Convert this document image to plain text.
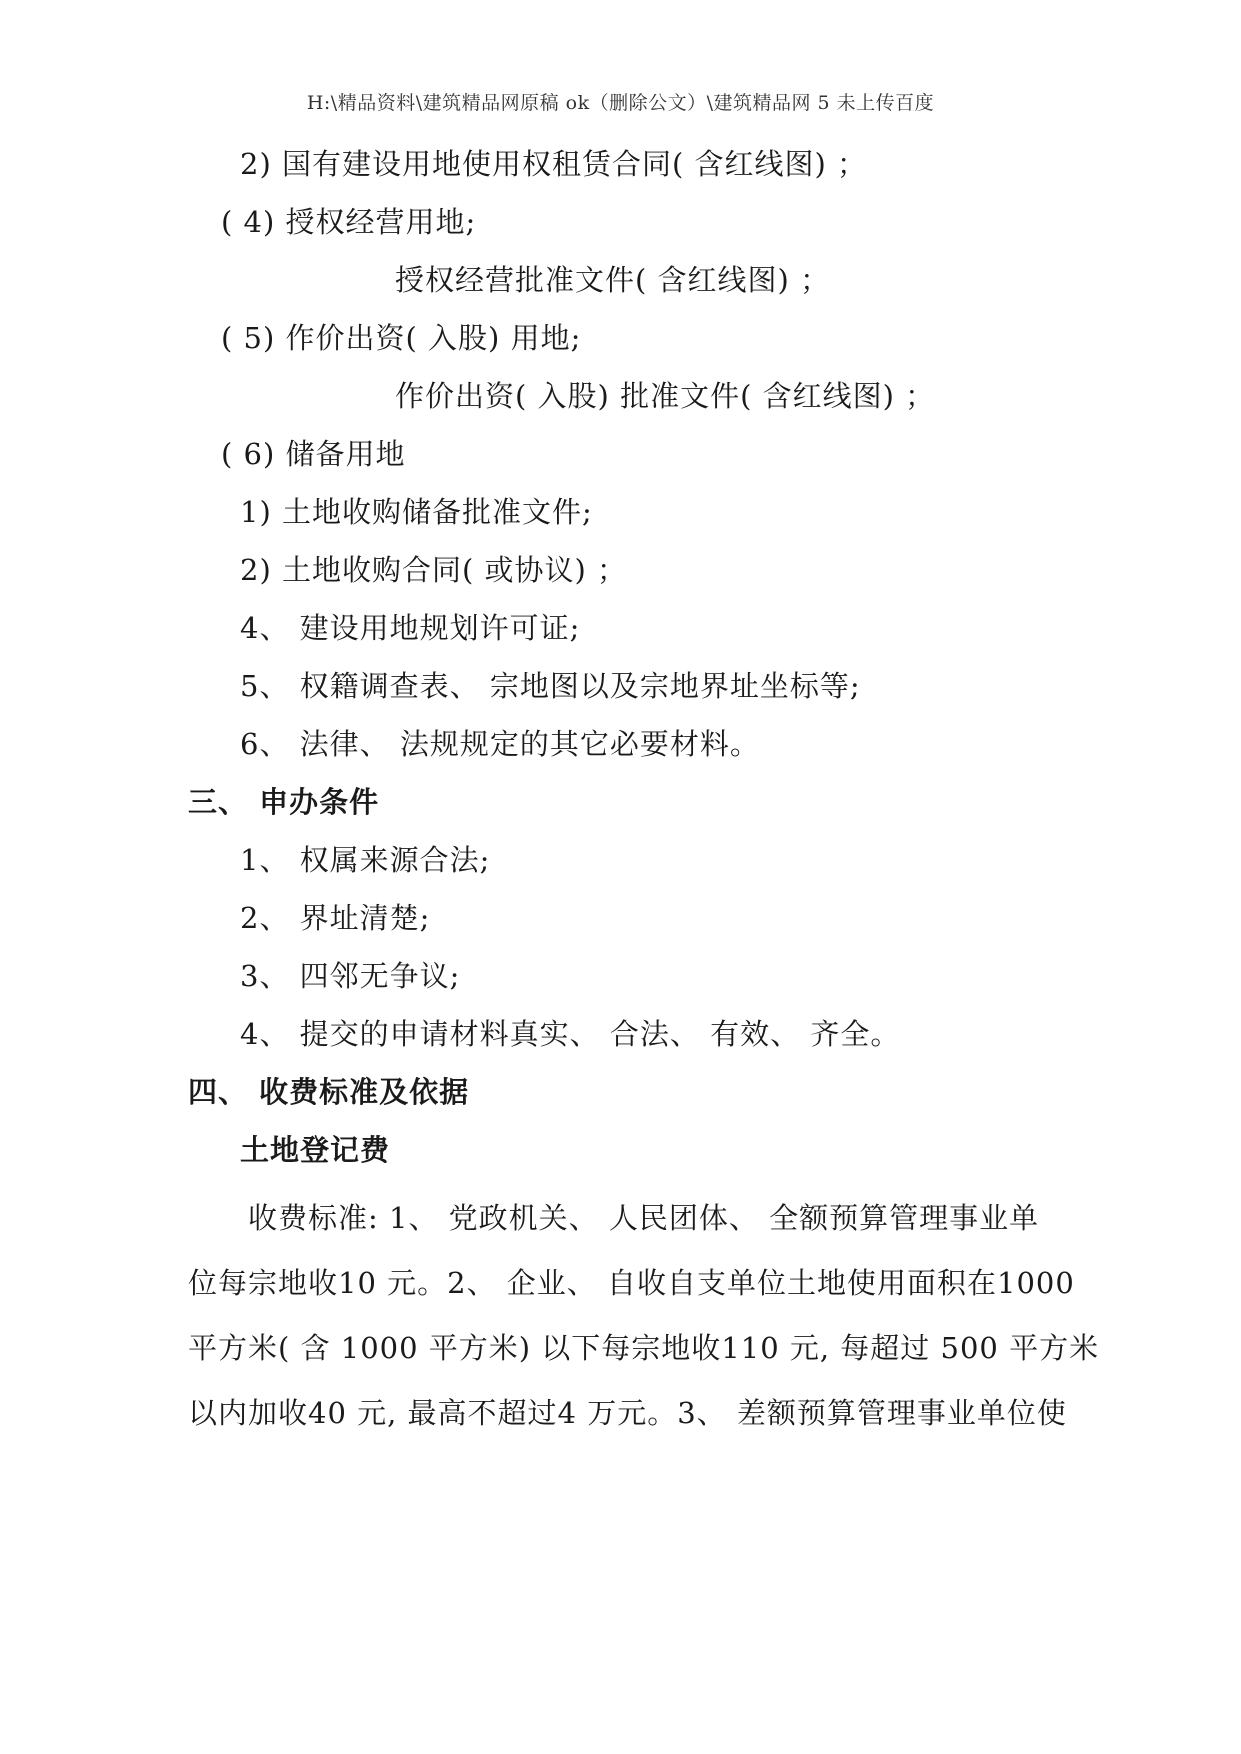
H:\精品资料\建筑精品网原稿 ok（删除公文）\建筑精品网 5 未上传百度
2) 国有建设用地使用权租赁合同( 含红线图) ；
( 4) 授权经营用地;
授权经营批准文件( 含红线图) ；
( 5) 作价出资( 入股) 用地;
作价出资( 入股) 批准文件( 含红线图) ；
( 6) 储备用地
1) 土地收购储备批准文件;
2) 土地收购合同( 或协议) ；
4、 建设用地规划许可证;
5、 权籍调查表、 宗地图以及宗地界址坐标等;
6、 法律、 法规规定的其它必要材料。
三、 申办条件
1、 权属来源合法;
2、 界址清楚;
3、 四邻无争议;
4、 提交的申请材料真实、 合法、 有效、 齐全。
四、 收费标准及依据
土地登记费
　　收费标准: 1、 党政机关、 人民团体、 全额预算管理事业单
位每宗地收10 元。2、 企业、 自收自支单位土地使用面积在1000
平方米( 含 1000 平方米) 以下每宗地收110 元, 每超过 500 平方米
以内加收40 元, 最高不超过4 万元。3、 差额预算管理事业单位使
